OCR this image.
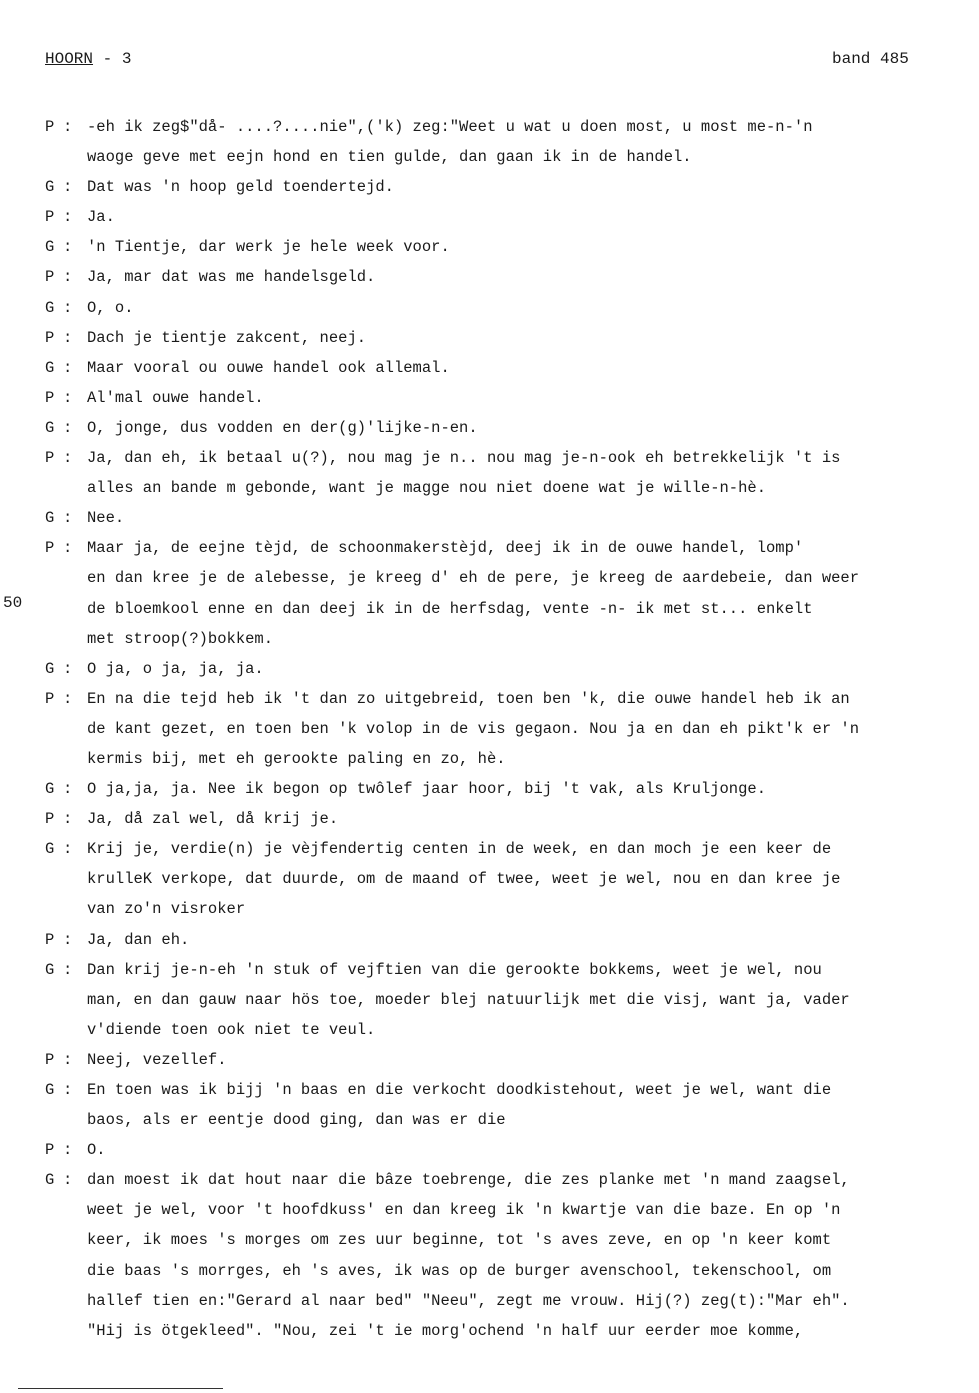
HOORN - 3	band 485
50
P : -eh ik zeg$"då- ....?....nie",('k) zeg:"Weet u wat u doen most, u most me-n-'n
waoge geve met eejn hond en tien gulde, dan gaan ik in de handel.
G : Dat was 'n hoop geld toendertejd.
P : Ja.
G : 'n Tientje, dar werk je hele week voor.
P : Ja, mar dat was me handelsgeld.
G : O, o.
P : Dach je tientje zakcent, neej.
G : Maar vooral ou ouwe handel ook allemal.
P : Al'mal ouwe handel.
G : O, jonge, dus vodden en der(g)'lijke-n-en.
P : Ja, dan eh, ik betaal u(?), nou mag je n.. nou mag je-n-ook eh betrekkelijk 't is
alles an bande m gebonde, want je magge nou niet doene wat je wille-n-hè.
G : Nee.
P : Maar ja, de eejne tèjd, de schoonmakerstèjd, deej ik in de ouwe handel, lomp'
en dan kree je de alebesse, je kreeg d' eh de pere, je kreeg de aardebeie, dan weer
de bloemkool enne en dan deej ik in de herfsdag, vente -n- ik met st... enkelt
met stroop(?)bokkem.
G : O ja, o ja, ja, ja.
P : En na die tejd heb ik 't dan zo uitgebreid, toen ben 'k, die ouwe handel heb ik an
de kant gezet, en toen ben 'k volop in de vis gegaon. Nou ja en dan eh pikt'k er 'n
kermis bij, met eh gerookte paling en zo, hè.
G : O ja,ja, ja. Nee ik begon op twôlef jaar hoor, bij 't vak, als Kruljonge.
P : Ja, då zal wel, då krij je.
G : Krij je, verdie(n) je vèjfendertig centen in de week, en dan moch je een keer de
krulleK verkope, dat duurde, om de maand of twee, weet je wel, nou en dan kree je
van zo'n visroker
P : Ja, dan eh.
G : Dan krij je-n-eh 'n stuk of vejftien van die gerookte bokkems, weet je wel, nou
man, en dan gauw naar hös toe, moeder blej natuurlijk met die visj, want ja, vader
v'diende toen ook niet te veul.
P : Neej, vezellef.
G : En toen was ik bijj 'n baas en die verkocht doodkistehout, weet je wel, want die
baos, als er eentje dood ging, dan was er die
P : O.
G : dan moest ik dat hout naar die bâze toebrenge, die zes planke met 'n mand zaagsel,
weet je wel, voor 't hoofdkuss' en dan kreeg ik 'n kwartje van die baze. En op 'n
keer, ik moes 's morges om zes uur beginne, tot 's aves zeve, en op 'n keer komt
die baas 's morrges, eh 's aves, ik was op de burger avenschool, tekenschool, om
hallef tien en:"Gerard al naar bed" "Neeu", zegt me vrouw. Hij(?) zeg(t):"Mar eh".
"Hij is ötgekleed". "Nou, zei 't ie morg'ochend 'n half uur eerder moe komme,
